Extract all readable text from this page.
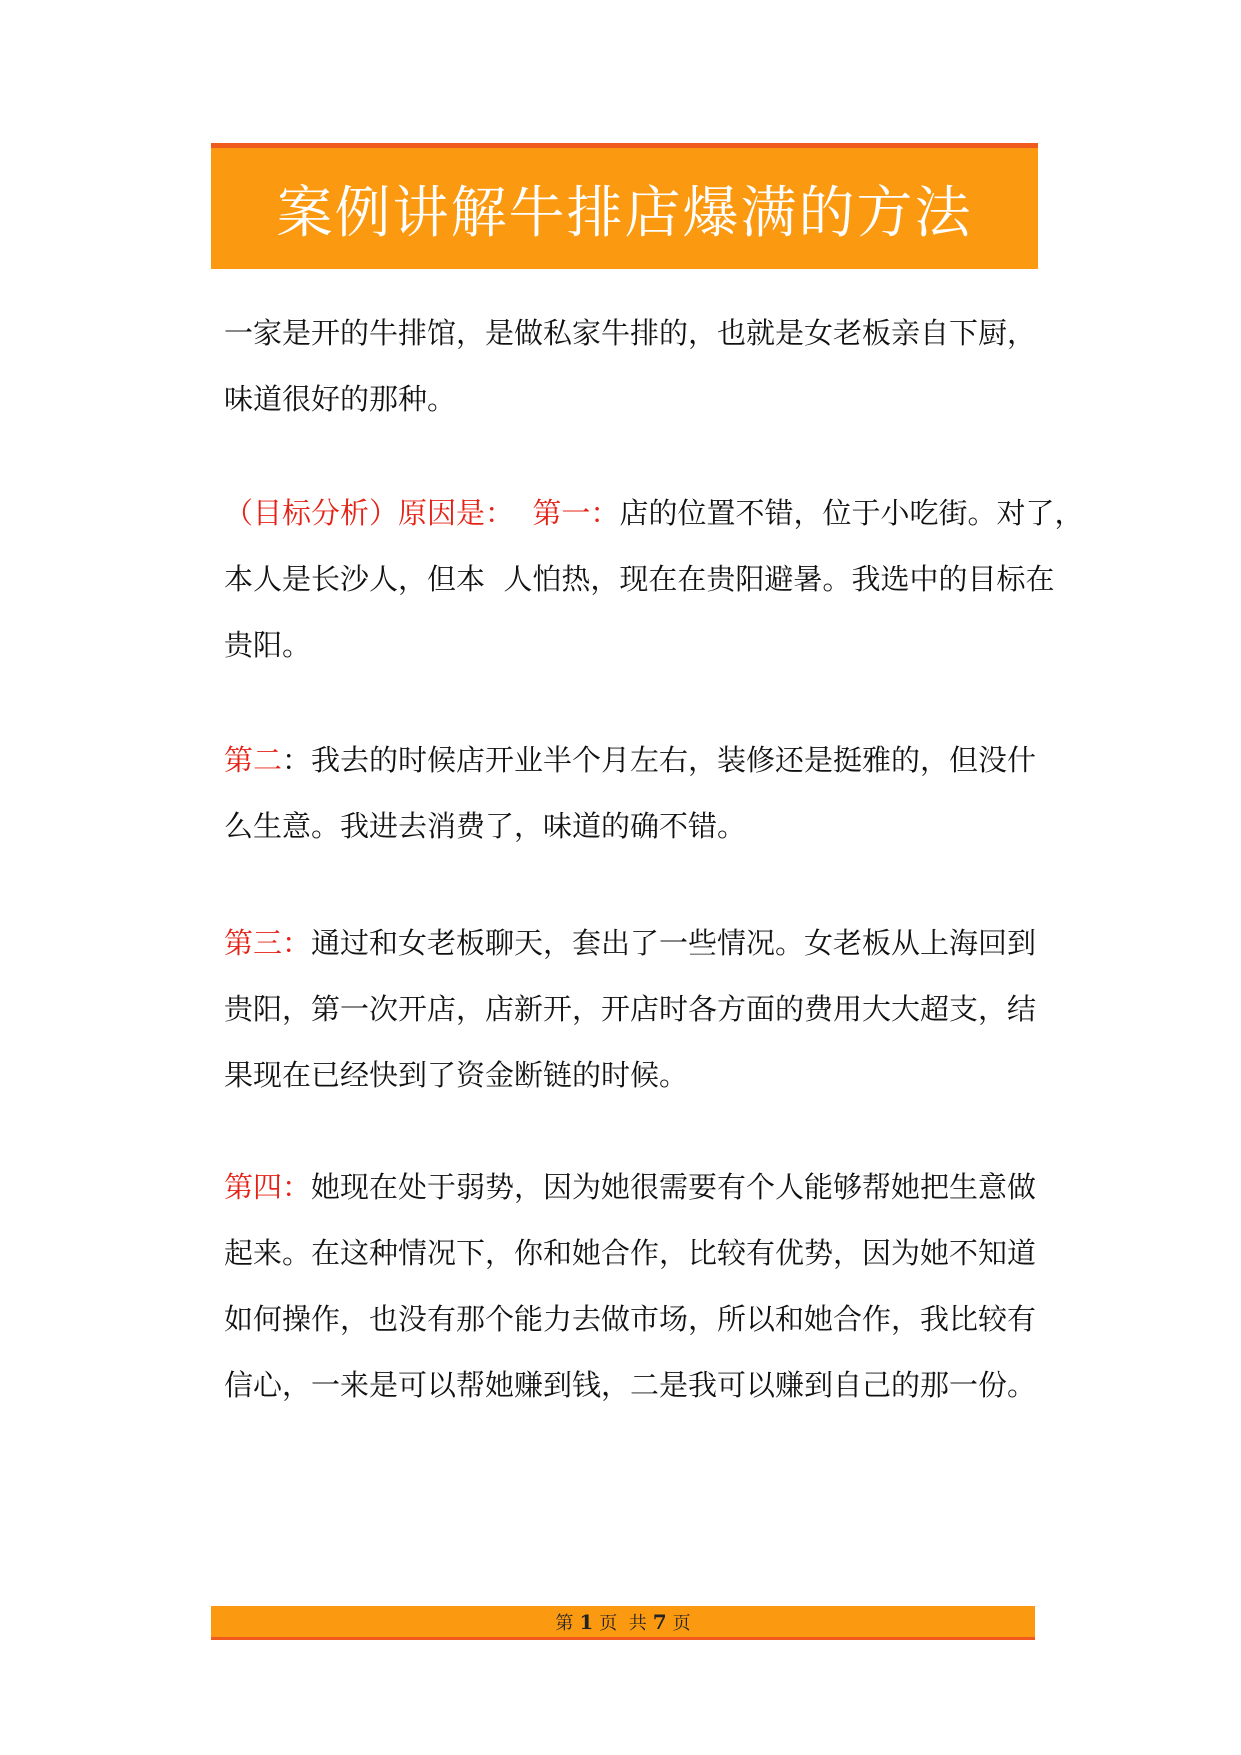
案例讲解牛排店爆满的方法
一家是开的牛排馆，是做私家牛排的，也就是女老板亲自下厨，
味道很好的那种。
（目标分析）原因是：  第一：店的位置不错，位于小吃街。对了，
本人是长沙人，但本  人怕热，现在在贵阳避暑。我选中的目标在
贵阳。
第二：我去的时候店开业半个月左右，装修还是挺雅的，但没什
么生意。我进去消费了，味道的确不错。
第三：通过和女老板聊天，套出了一些情况。女老板从上海回到
贵阳，第一次开店，店新开，开店时各方面的费用大大超支，结
果现在已经快到了资金断链的时候。
第四：她现在处于弱势，因为她很需要有个人能够帮她把生意做
起来。在这种情况下，你和她合作，比较有优势，因为她不知道
如何操作，也没有那个能力去做市场，所以和她合作，我比较有
信心，一来是可以帮她赚到钱，二是我可以赚到自己的那一份。
第 1 页  共 7 页
